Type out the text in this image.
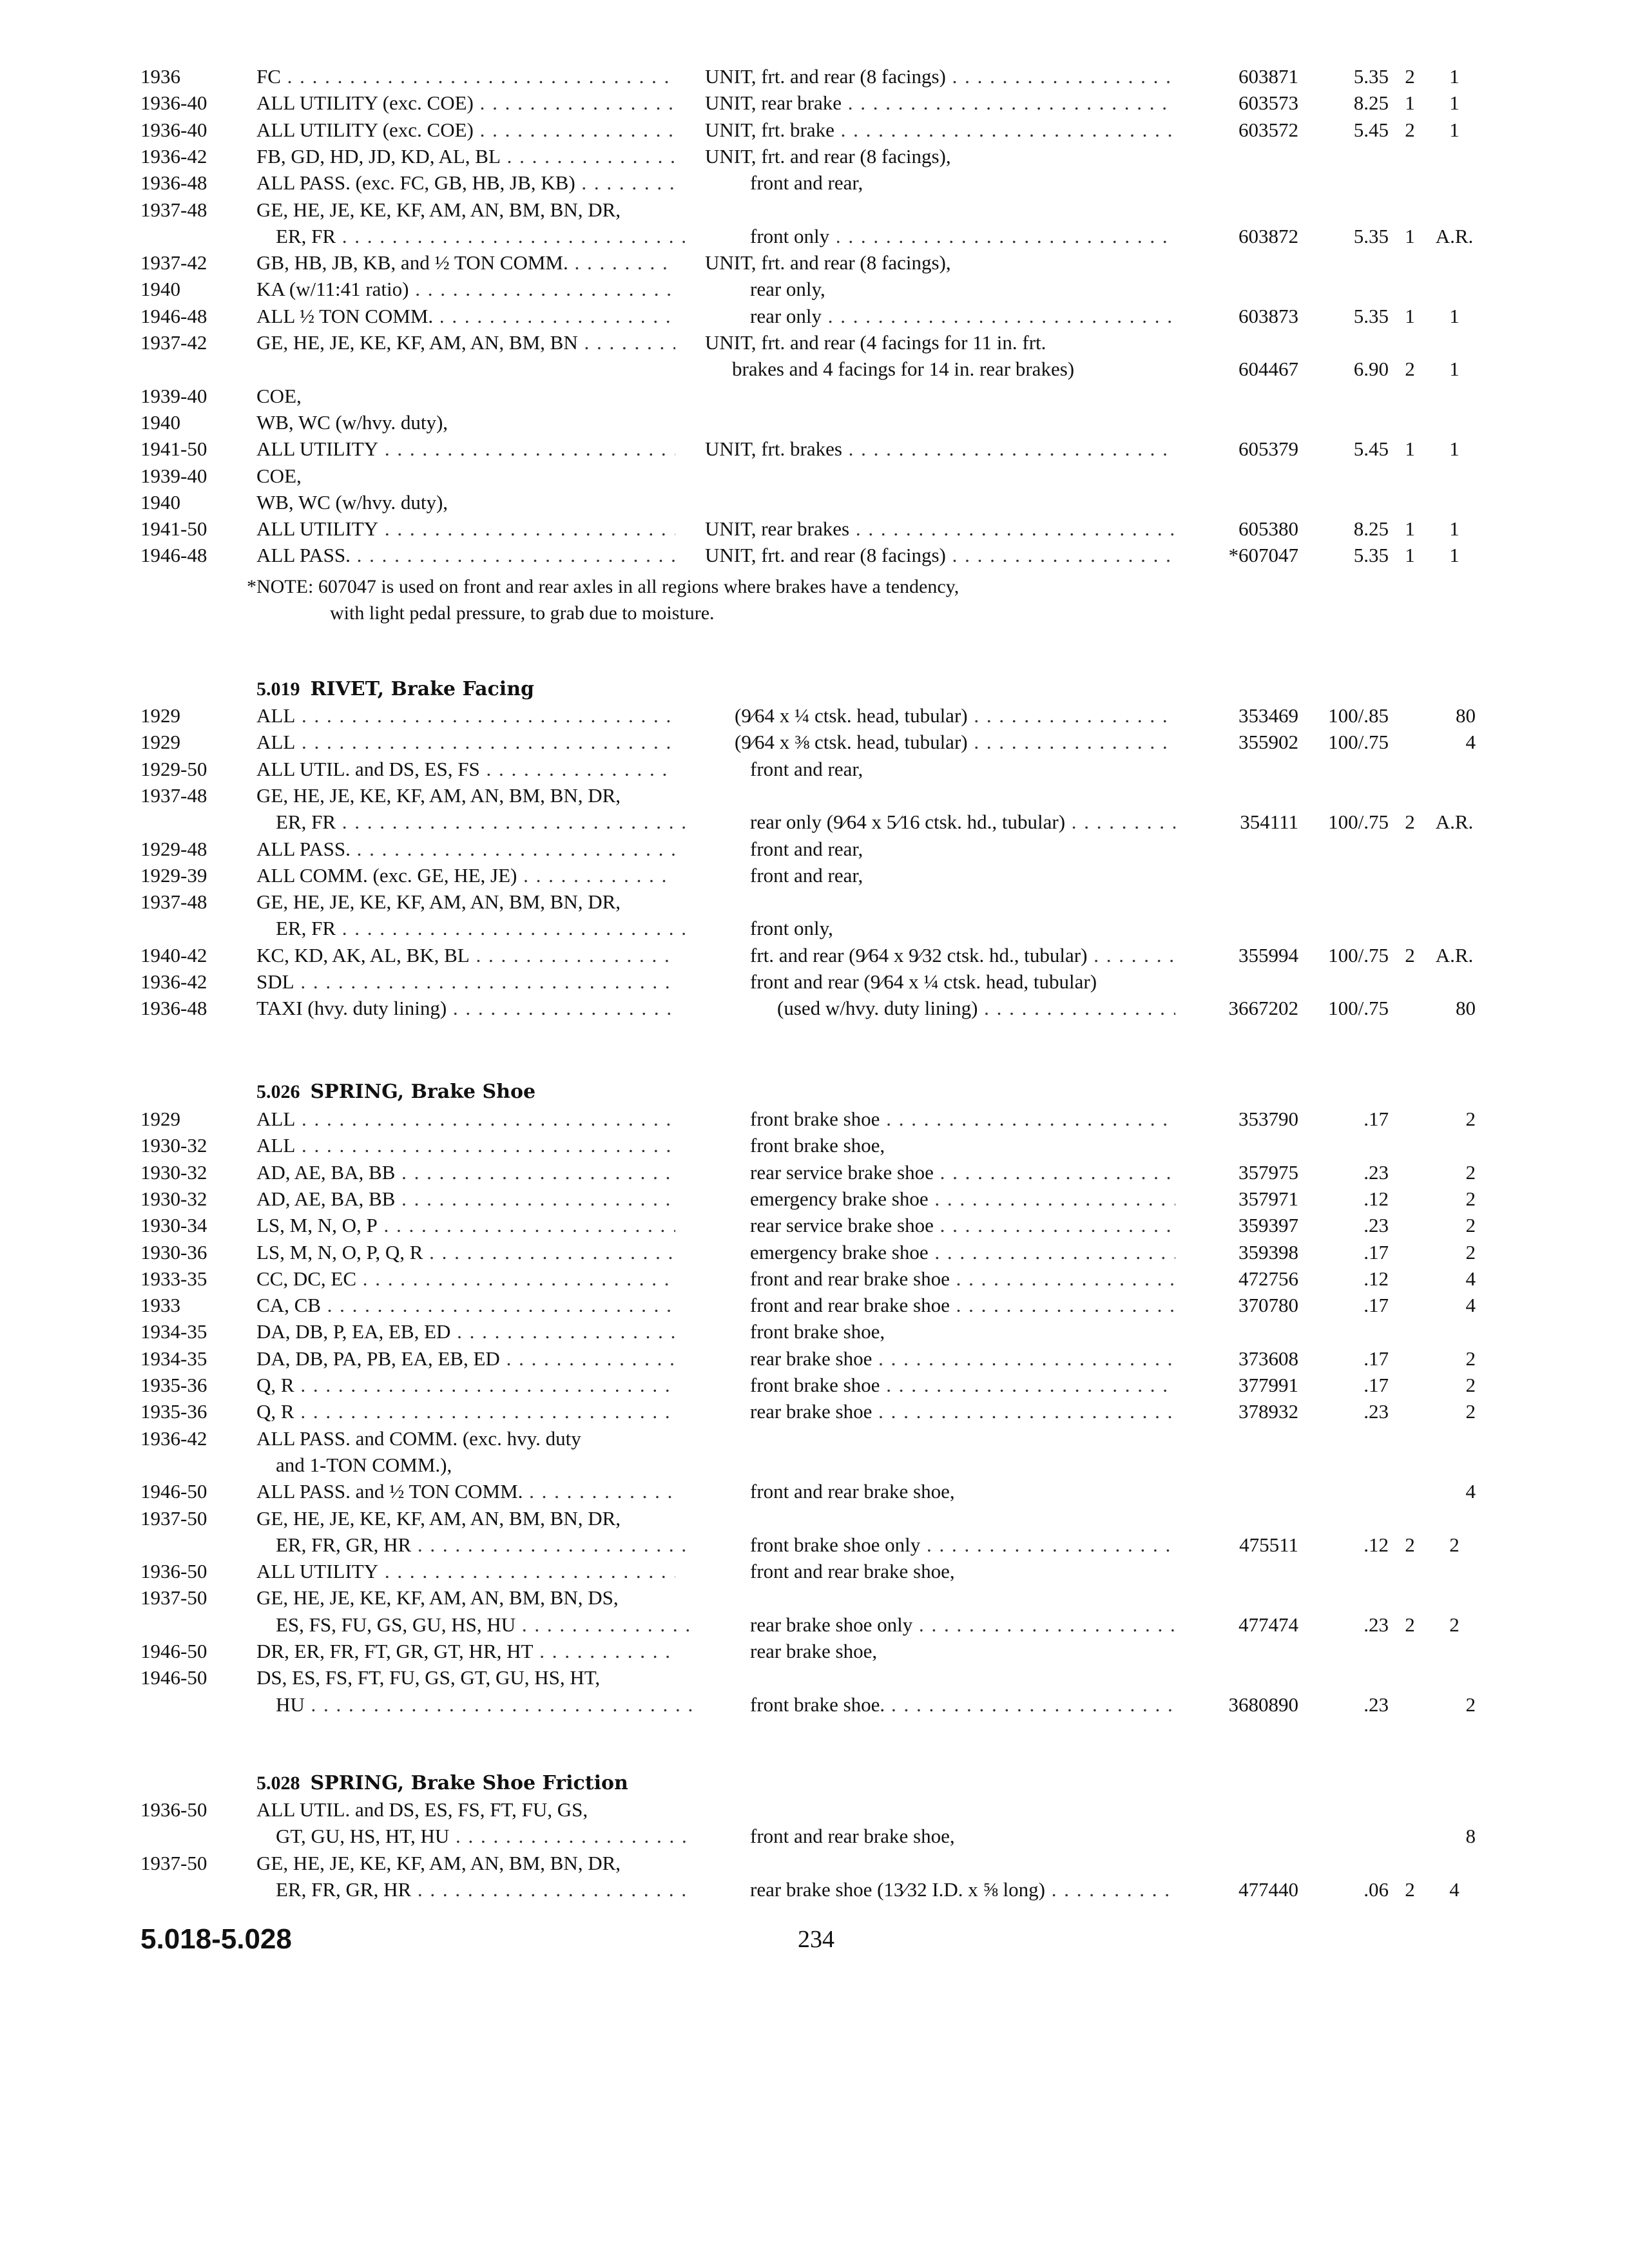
1936	FC . . .	UNIT, frt. and rear (8 facings) . . .	603871	5.35 2	1
1936-40 ALL UTILITY (exc. COE) . . .	UNIT, rear brake . . .	603573	8.25 1	1
1936-40 ALL UTILITY (exc. COE) . . .	UNIT, frt. brake . . .	603572	5.45 2	1
1936-42 FB, GD, HD, JD, KD, AL, BL . . .	UNIT, frt. and rear (8 facings),
1936-48 ALL PASS. (exc. FC, GB, HB, JB, KB) . . .	front and rear,
1937-48 GE, HE, JE, KE, KF, AM, AN, BM, BN, DR,
ER, FR . . .	front only . . .	603872	5.35 1	A.R.
1937-42 GB, HB, JB, KB, and ½ TON COMM. . . .	UNIT, frt. and rear (8 facings),
1940	KA (w/11:41 ratio) . . .	rear only,
1946-48 ALL ½ TON COMM. . . .	rear only . . .	603873	5.35 1	1
1937-42 GE, HE, JE, KE, KF, AM, AN, BM, BN . . .	UNIT, frt. and rear (4 facings for 11 in. frt.
brakes and 4 facings for 14 in. rear brakes)	604467	6.90 2	1
1939-40 COE,
1940	WB, WC (w/hvy. duty),
1941-50 ALL UTILITY . . .	UNIT, frt. brakes . . .	605379	5.45 1	1
1939-40 COE,
1940	WB, WC (w/hvy. duty),
1941-50 ALL UTILITY . . .	UNIT, rear brakes . . .	605380	8.25 1	1
1946-48 ALL PASS. . . .	UNIT, frt. and rear (8 facings) . . .	*607047	5.35 1	1
1929	ALL . . .	(9⁄64 x ¼ ctsk. head, tubular) . . .	353469	100/.85	80
1929	ALL . . .	(9⁄64 x ⅜ ctsk. head, tubular) . . .	355902	100/.75	4
1929-50 ALL UTIL. and DS, ES, FS . . .	front and rear,
1937-48 GE, HE, JE, KE, KF, AM, AN, BM, BN, DR,
ER, FR . . .	rear only (9⁄64 x 5⁄16 ctsk. hd., tubular) . . .	354111	100/.75 2	A.R.
1929-48 ALL PASS. . . .	front and rear,
1929-39 ALL COMM. (exc. GE, HE, JE) . . .	front and rear,
1937-48 GE, HE, JE, KE, KF, AM, AN, BM, BN, DR,
ER, FR . . .	front only,
1940-42 KC, KD, AK, AL, BK, BL . . .	frt. and rear (9⁄64 x 9⁄32 ctsk. hd., tubular) . . .	355994	100/.75 2	A.R.
1936-42 SDL . . .	front and rear (9⁄64 x ¼ ctsk. head, tubular)
1936-48 TAXI (hvy. duty lining) . . .	(used w/hvy. duty lining) . . .	3667202	100/.75	80
1929	ALL . . .	front brake shoe . . .	353790	.17	2
1930-32 ALL . . .	front brake shoe,
1930-32 AD, AE, BA, BB . . .	rear service brake shoe . . .	357975	.23	2
1930-32 AD, AE, BA, BB . . .	emergency brake shoe . . .	357971	.12	2
1930-34 LS, M, N, O, P . . .	rear service brake shoe . . .	359397	.23	2
1930-36 LS, M, N, O, P, Q, R . . .	emergency brake shoe . . .	359398	.17	2
1933-35 CC, DC, EC . . .	front and rear brake shoe . . .	472756	.12	4
1933	CA, CB . . .	front and rear brake shoe . . .	370780	.17	4
1934-35 DA, DB, P, EA, EB, ED . . .	front brake shoe,
1934-35 DA, DB, PA, PB, EA, EB, ED . . .	rear brake shoe . . .	373608	.17	2
1935-36 Q, R . . .	front brake shoe . . .	377991	.17	2
1935-36 Q, R . . .	rear brake shoe . . .	378932	.23	2
1936-42 ALL PASS. and COMM. (exc. hvy. duty
and 1-TON COMM.),
1946-50 ALL PASS. and ½ TON COMM. . . .	front and rear brake shoe,	4
1937-50 GE, HE, JE, KE, KF, AM, AN, BM, BN, DR,
ER, FR, GR, HR . . .	front brake shoe only . . .	475511	.12 2	2
1936-50 ALL UTILITY . . .	front and rear brake shoe,
1937-50 GE, HE, JE, KE, KF, AM, AN, BM, BN, DS,
ES, FS, FU, GS, GU, HS, HU . . .	rear brake shoe only . . .	477474	.23 2	2
1946-50 DR, ER, FR, FT, GR, GT, HR, HT . . .	rear brake shoe,
1946-50 DS, ES, FS, FT, FU, GS, GT, GU, HS, HT,
HU . . .	front brake shoe. . . .	3680890	.23	2
1936-50 ALL UTIL. and DS, ES, FS, FT, FU, GS,
GT, GU, HS, HT, HU . . .	front and rear brake shoe,	8
1937-50 GE, HE, JE, KE, KF, AM, AN, BM, BN, DR,
ER, FR, GR, HR . . .	rear brake shoe (13⁄32 I.D. x ⅝ long) . . .	477440	.06 2	4
*NOTE: 607047 is used on front and rear axles in all regions where brakes have a tendency,
with light pedal pressure, to grab due to moisture.
5.019 RIVET, Brake Facing
5.026 SPRING, Brake Shoe
5.028 SPRING, Brake Shoe Friction
5.018-5.028	234
